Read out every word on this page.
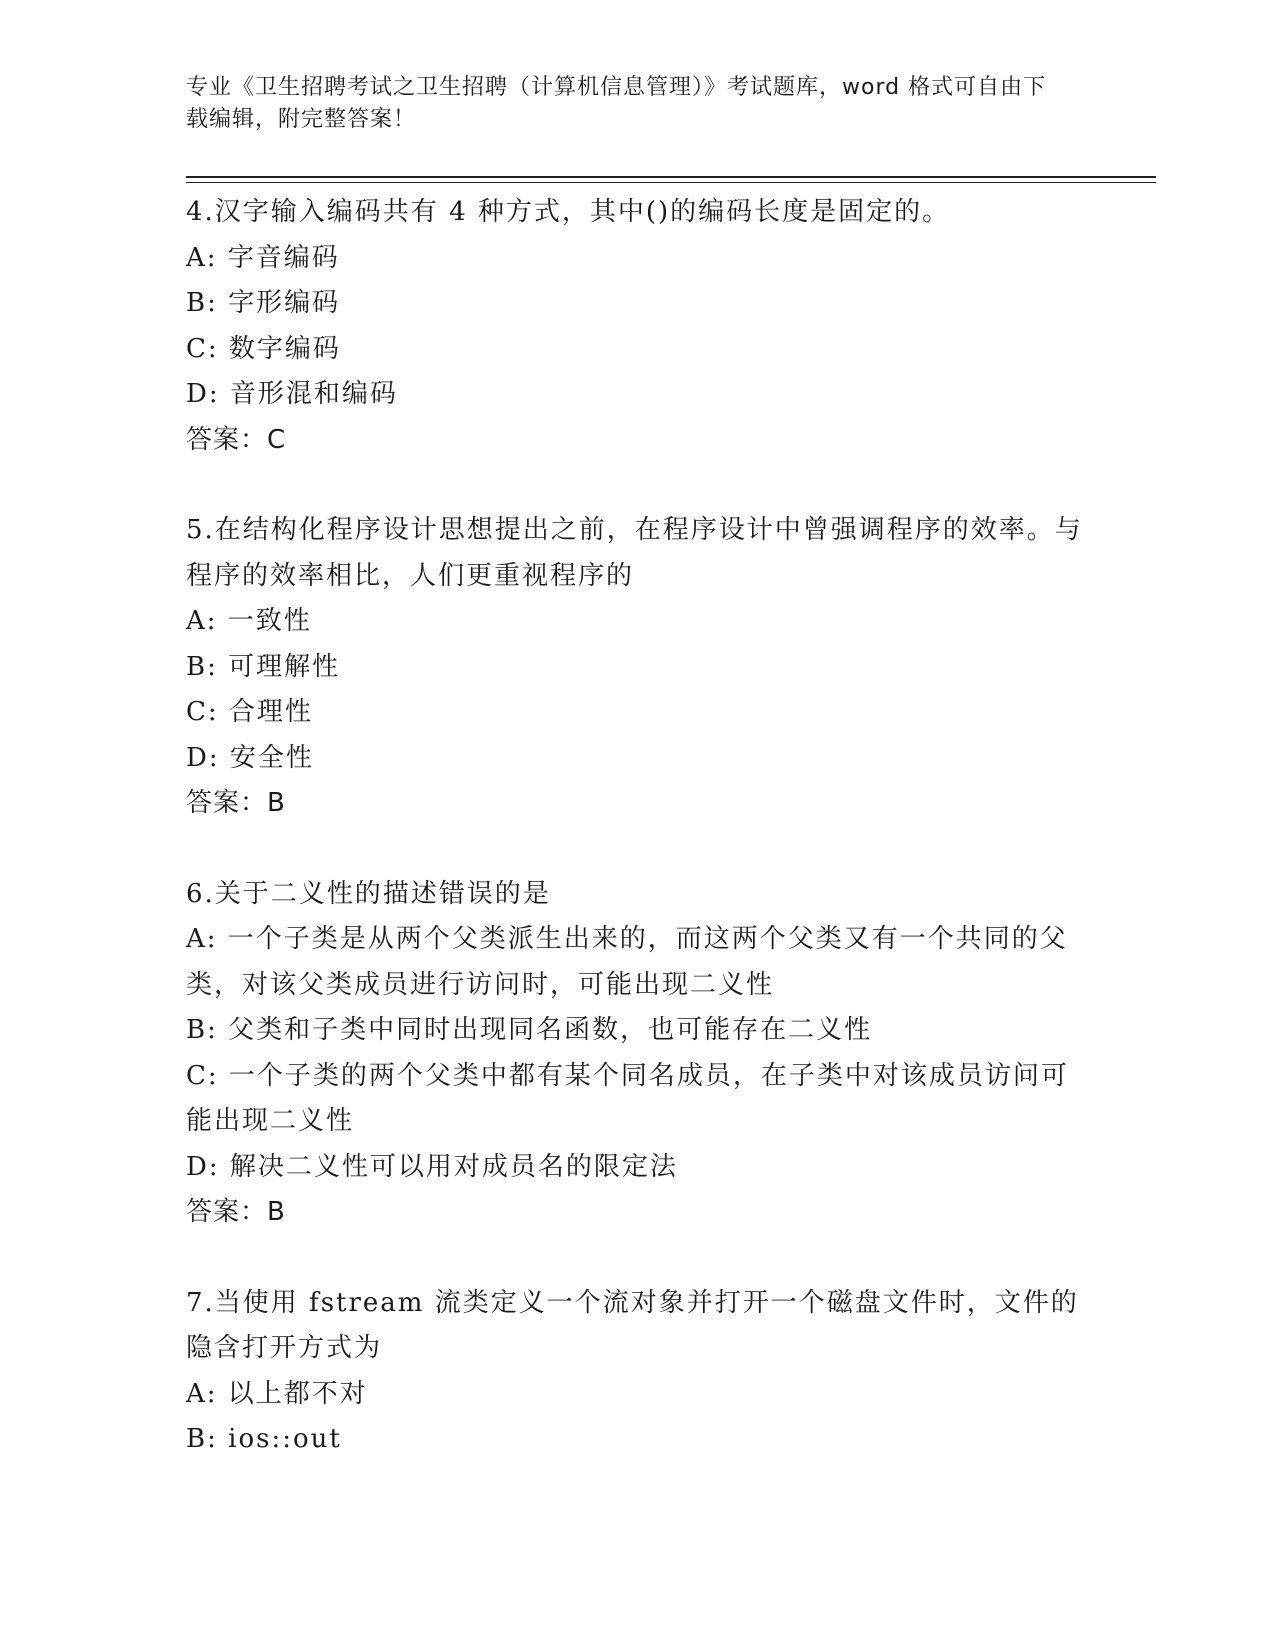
专业《卫生招聘考试之卫生招聘（计算机信息管理）》考试题库，word 格式可自由下载编辑，附完整答案！

4.汉字输入编码共有 4 种方式，其中()的编码长度是固定的。

A: 字音编码

B: 字形编码

C: 数字编码

D: 音形混和编码

答案：C

5.在结构化程序设计思想提出之前，在程序设计中曾强调程序的效率。与程序的效率相比，人们更重视程序的

A: 一致性

B: 可理解性

C: 合理性

D: 安全性

答案：B

6.关于二义性的描述错误的是

A: 一个子类是从两个父类派生出来的，而这两个父类又有一个共同的父类，对该父类成员进行访问时，可能出现二义性

B: 父类和子类中同时出现同名函数，也可能存在二义性

C: 一个子类的两个父类中都有某个同名成员，在子类中对该成员访问可能出现二义性

D: 解决二义性可以用对成员名的限定法

答案：B

7.当使用 fstream 流类定义一个流对象并打开一个磁盘文件时，文件的隐含打开方式为

A: 以上都不对

B: ios::out
